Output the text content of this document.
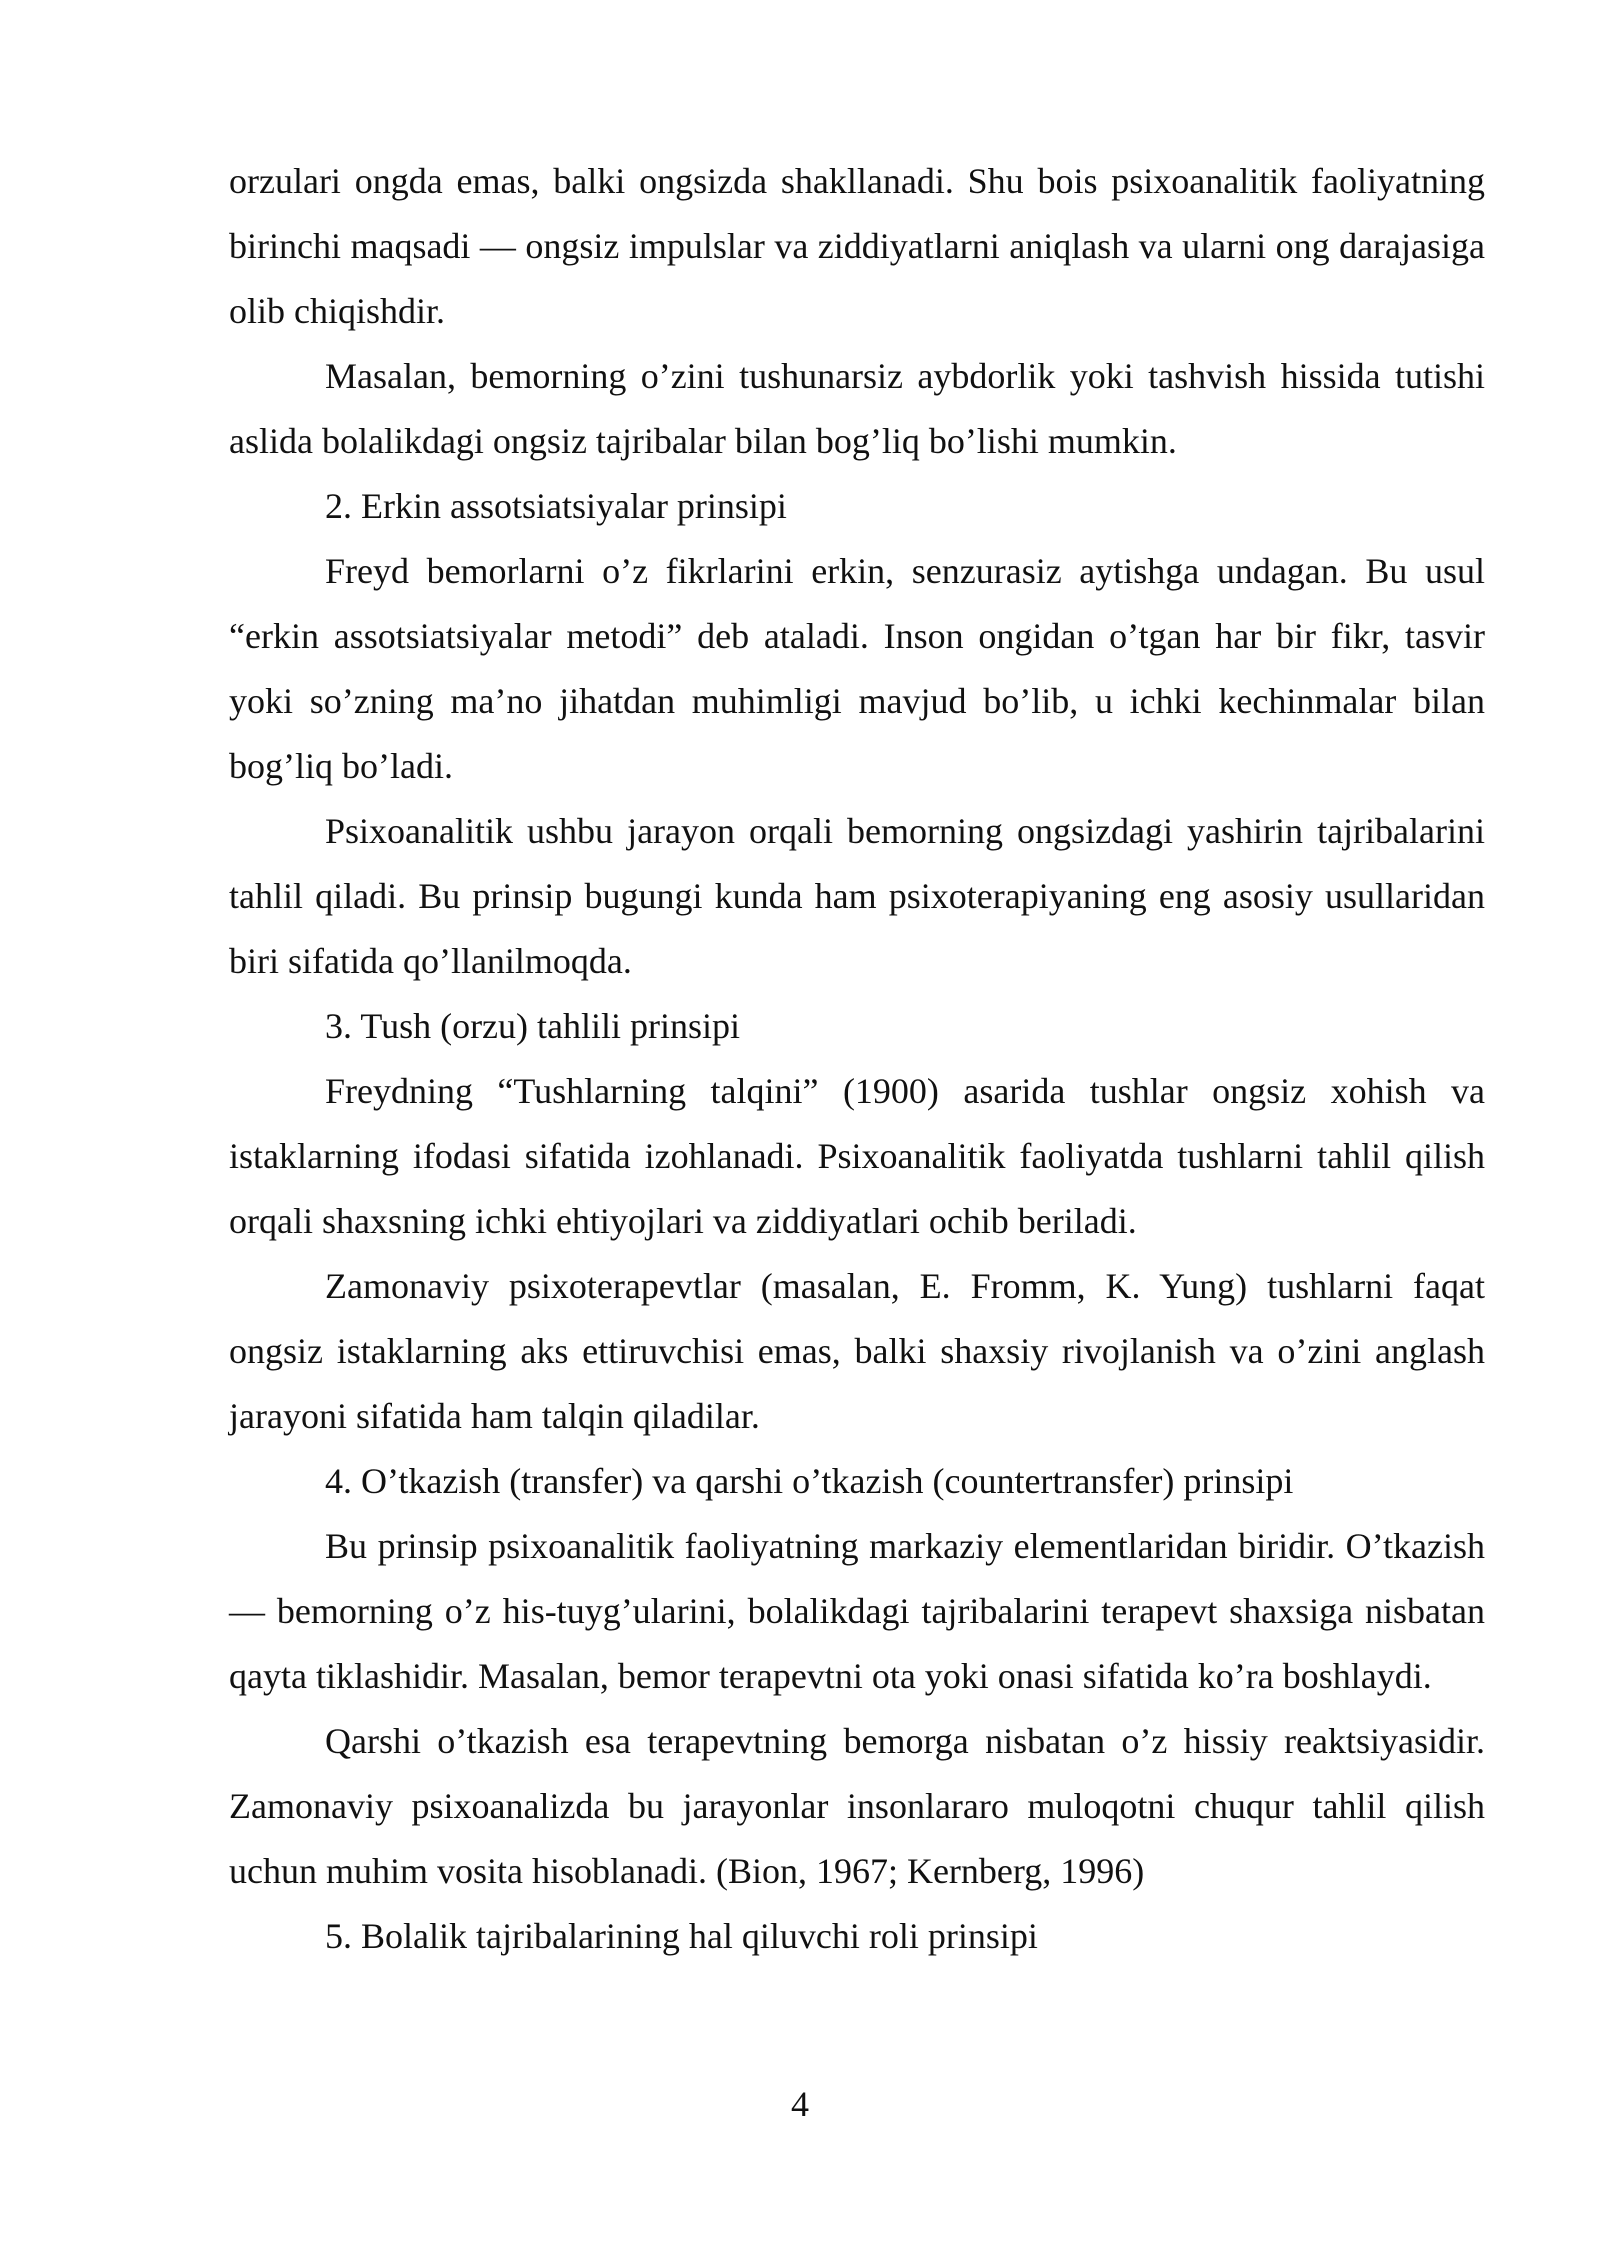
orzulari ongda emas, balki ongsizda shakllanadi. Shu bois psixoanalitik faoliyatning birinchi maqsadi — ongsiz impulslar va ziddiyatlarni aniqlash va ularni ong darajasiga olib chiqishdir.

Masalan, bemorning o’zini tushunarsiz aybdorlik yoki tashvish hissida tutishi aslida bolalikdagi ongsiz tajribalar bilan bog’liq bo’lishi mumkin.

2. Erkin assotsiatsiyalar prinsipi

Freyd bemorlarni o’z fikrlarini erkin, senzurasiz aytishga undagan. Bu usul “erkin assotsiatsiyalar metodi” deb ataladi. Inson ongidan o’tgan har bir fikr, tasvir yoki so’zning ma’no jihatdan muhimligi mavjud bo’lib, u ichki kechinmalar bilan bog’liq bo’ladi.

Psixoanalitik ushbu jarayon orqali bemorning ongsizdagi yashirin tajribalarini tahlil qiladi. Bu prinsip bugungi kunda ham psixoterapiyaning eng asosiy usullaridan biri sifatida qo’llanilmoqda.

3. Tush (orzu) tahlili prinsipi

Freydning “Tushlarning talqini” (1900) asarida tushlar ongsiz xohish va istaklarning ifodasi sifatida izohlanadi. Psixoanalitik faoliyatda tushlarni tahlil qilish orqali shaxsning ichki ehtiyojlari va ziddiyatlari ochib beriladi.

Zamonaviy psixoterapevtlar (masalan, E. Fromm, K. Yung) tushlarni faqat ongsiz istaklarning aks ettiruvchisi emas, balki shaxsiy rivojlanish va o’zini anglash jarayoni sifatida ham talqin qiladilar.

4. O’tkazish (transfer) va qarshi o’tkazish (countertransfer) prinsipi

Bu prinsip psixoanalitik faoliyatning markaziy elementlaridan biridir. O’tkazish — bemorning o’z his-tuyg’ularini, bolalikdagi tajribalarini terapevt shaxsiga nisbatan qayta tiklashidir. Masalan, bemor terapevtni ota yoki onasi sifatida ko’ra boshlaydi.

Qarshi o’tkazish esa terapevtning bemorga nisbatan o’z hissiy reaktsiyasidir. Zamonaviy psixoanalizda bu jarayonlar insonlararo muloqotni chuqur tahlil qilish uchun muhim vosita hisoblanadi. (Bion, 1967; Kernberg, 1996)

5. Bolalik tajribalarining hal qiluvchi roli prinsipi

4
